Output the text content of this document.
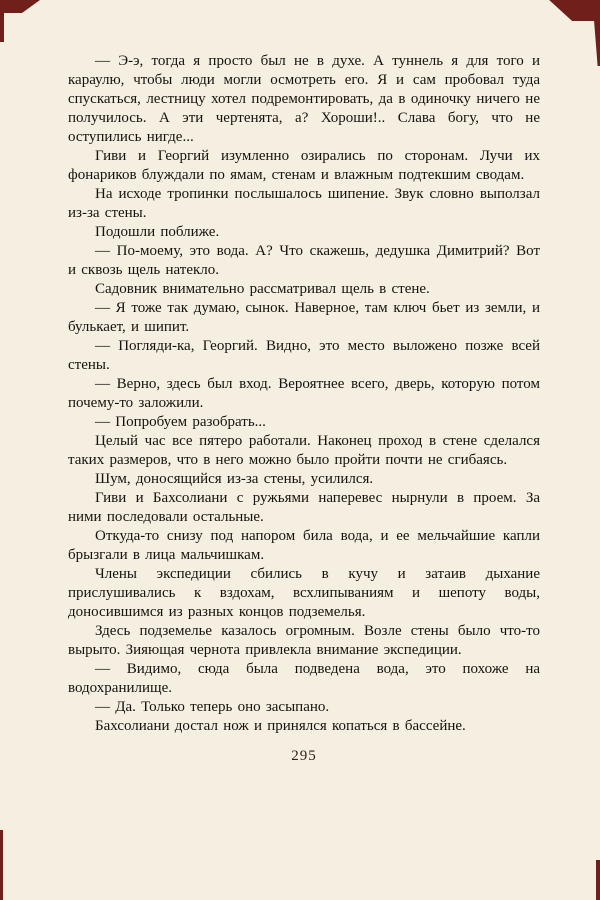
— Э-э, тогда я просто был не в духе. А туннель я для того и караулю, чтобы люди могли осмотреть его. Я и сам пробовал туда спускаться, лестницу хотел подремонтировать, да в одиночку ничего не получилось. А эти чертенята, а? Хороши!.. Слава богу, что не оступились нигде...

Гиви и Георгий изумленно озирались по сторонам. Лучи их фонариков блуждали по ямам, стенам и влажным подтекшим сводам.

На исходе тропинки послышалось шипение. Звук словно выползал из-за стены.

Подошли поближе.

— По-моему, это вода. А? Что скажешь, дедушка Димитрий? Вот и сквозь щель натекло.

Садовник внимательно рассматривал щель в стене.

— Я тоже так думаю, сынок. Наверное, там ключ бьет из земли, и булькает, и шипит.

— Погляди-ка, Георгий. Видно, это место выложено позже всей стены.

— Верно, здесь был вход. Вероятнее всего, дверь, которую потом почему-то заложили.

— Попробуем разобрать...

Целый час все пятеро работали. Наконец проход в стене сделался таких размеров, что в него можно было пройти почти не сгибаясь.

Шум, доносящийся из-за стены, усилился.

Гиви и Бахсолиани с ружьями наперевес нырнули в проем. За ними последовали остальные.

Откуда-то снизу под напором била вода, и ее мельчайшие капли брызгали в лица мальчишкам.

Члены экспедиции сбились в кучу и затаив дыхание прислушивались к вздохам, всхлипываниям и шепоту воды, доносившимся из разных концов подземелья.

Здесь подземелье казалось огромным. Возле стены было что-то вырыто. Зияющая чернота привлекла внимание экспедиции.

— Видимо, сюда была подведена вода, это похоже на водохранилище.

— Да. Только теперь оно засыпано.

Бахсолиани достал нож и принялся копаться в бассейне.

295
